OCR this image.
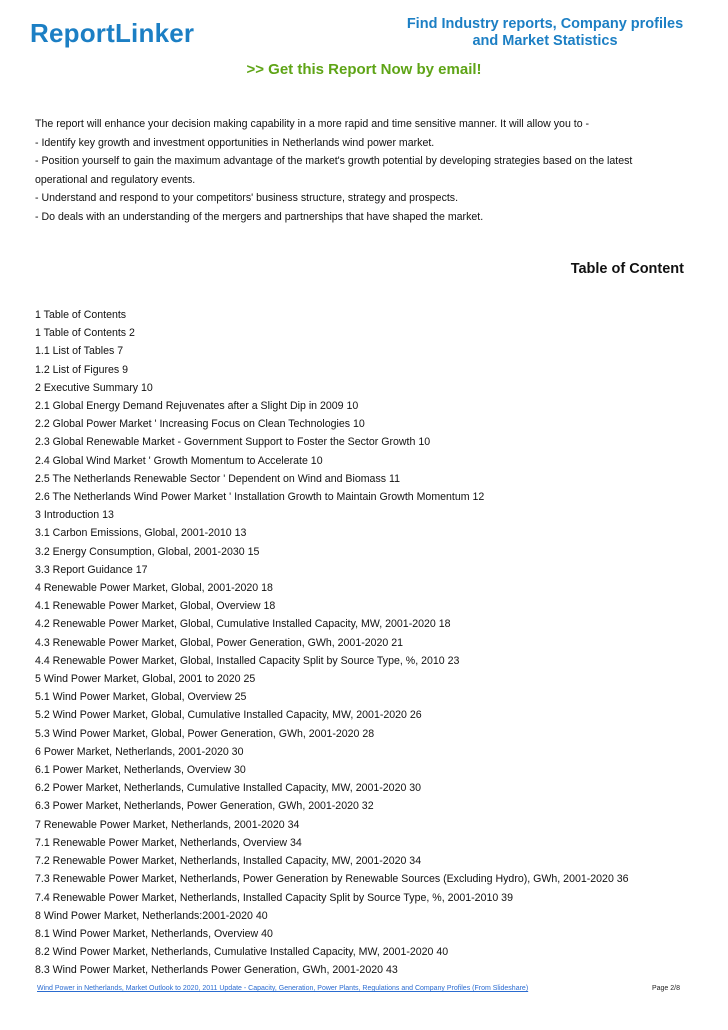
ReportLinker	Find Industry reports, Company profiles
and Market Statistics
>> Get this Report Now by email!
The report will enhance your decision making capability in a more rapid and time sensitive manner. It will allow you to -
- Identify key growth and investment opportunities in Netherlands wind power market.
- Position yourself to gain the maximum advantage of the market's growth potential by developing strategies based on the latest
operational and regulatory events.
- Understand and respond to your competitors' business structure, strategy and prospects.
- Do deals with an understanding of the mergers and partnerships that have shaped the market.
Table of Content
1 Table of Contents
1 Table of Contents 2
1.1 List of Tables 7
1.2 List of Figures 9
2 Executive Summary 10
2.1 Global Energy Demand Rejuvenates after a Slight Dip in 2009 10
2.2 Global Power Market ' Increasing Focus on Clean Technologies 10
2.3 Global Renewable Market - Government Support to Foster the Sector Growth 10
2.4 Global Wind Market ' Growth Momentum to Accelerate 10
2.5 The Netherlands Renewable Sector ' Dependent on Wind and Biomass 11
2.6 The Netherlands Wind Power Market ' Installation Growth to Maintain Growth Momentum 12
3 Introduction 13
3.1 Carbon Emissions, Global, 2001-2010 13
3.2 Energy Consumption, Global, 2001-2030 15
3.3 Report Guidance 17
4 Renewable Power Market, Global, 2001-2020 18
4.1 Renewable Power Market, Global, Overview 18
4.2 Renewable Power Market, Global, Cumulative Installed Capacity, MW, 2001-2020 18
4.3 Renewable Power Market, Global, Power Generation, GWh, 2001-2020 21
4.4 Renewable Power Market, Global, Installed Capacity Split by Source Type, %, 2010 23
5 Wind Power Market, Global, 2001 to 2020 25
5.1 Wind Power Market, Global, Overview 25
5.2 Wind Power Market, Global, Cumulative Installed Capacity, MW, 2001-2020 26
5.3 Wind Power Market, Global, Power Generation, GWh, 2001-2020 28
6 Power Market, Netherlands, 2001-2020 30
6.1 Power Market, Netherlands, Overview 30
6.2 Power Market, Netherlands, Cumulative Installed Capacity, MW, 2001-2020 30
6.3 Power Market, Netherlands, Power Generation, GWh, 2001-2020 32
7 Renewable Power Market, Netherlands, 2001-2020 34
7.1 Renewable Power Market, Netherlands, Overview 34
7.2 Renewable Power Market, Netherlands, Installed Capacity, MW, 2001-2020 34
7.3 Renewable Power Market, Netherlands, Power Generation by Renewable Sources (Excluding Hydro), GWh, 2001-2020 36
7.4 Renewable Power Market, Netherlands, Installed Capacity Split by Source Type, %, 2001-2010 39
8 Wind Power Market, Netherlands:2001-2020 40
8.1 Wind Power Market, Netherlands, Overview 40
8.2 Wind Power Market, Netherlands, Cumulative Installed Capacity, MW, 2001-2020 40
8.3 Wind Power Market, Netherlands Power Generation, GWh, 2001-2020 43
Wind Power in Netherlands, Market Outlook to 2020, 2011 Update - Capacity, Generation, Power Plants, Regulations and Company Profiles (From Slideshare)	Page 2/8
